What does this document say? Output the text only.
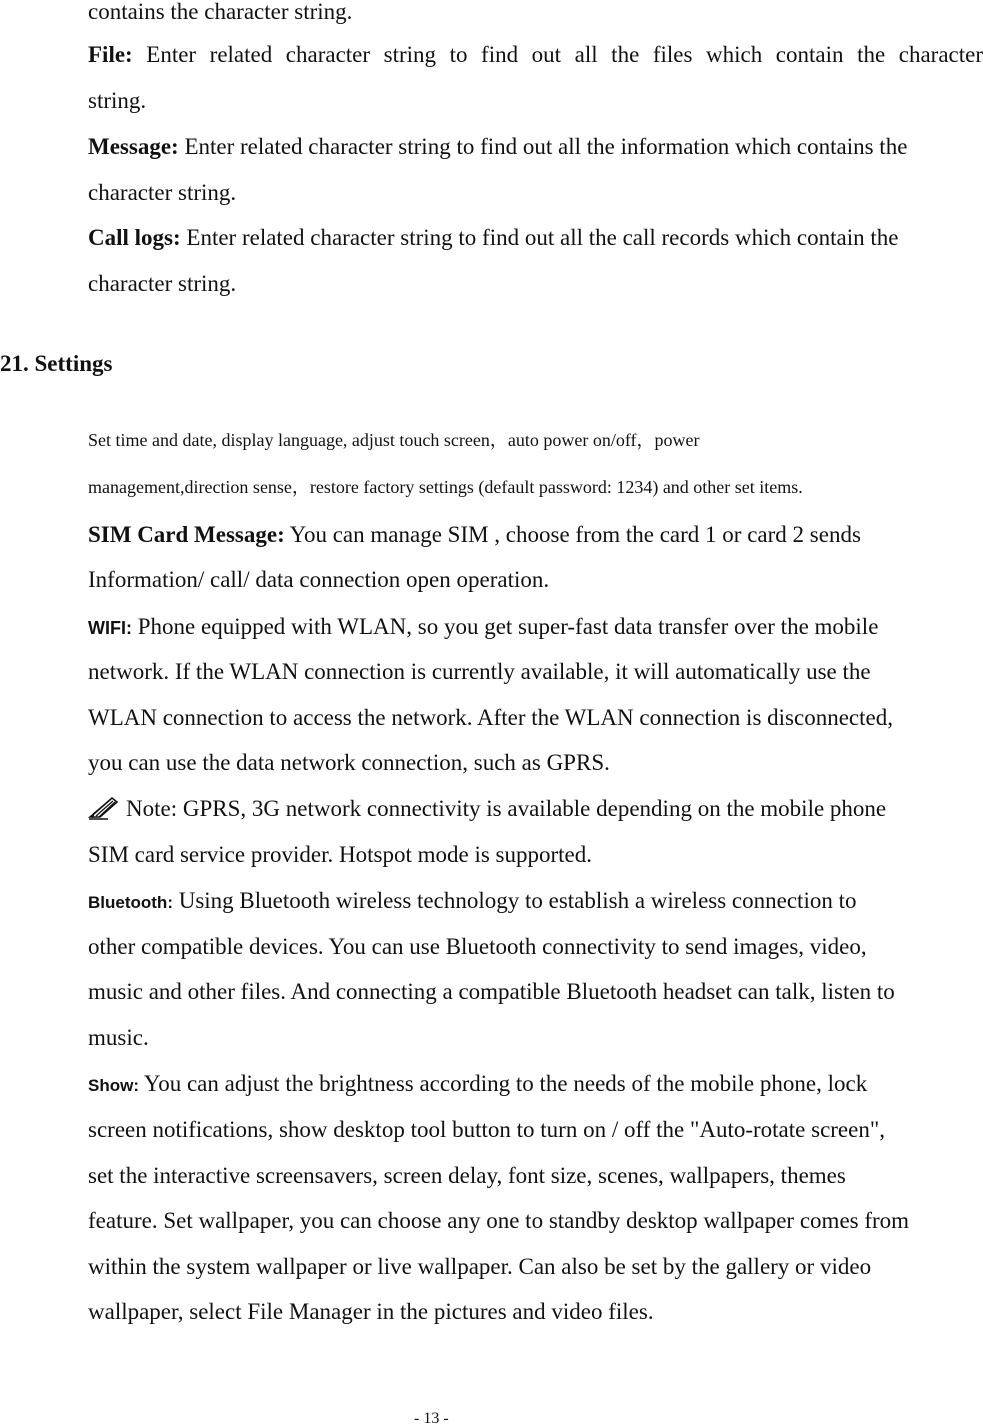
contains the character string.
File: Enter related character string to find out all the files which contain the character
string.
Message: Enter related character string to find out all the information which contains the
character string.
Call logs: Enter related character string to find out all the call records which contain the
character string.
21. Settings
Set time and date, display language, adjust touch screen，auto power on/off，power
management,direction sense，restore factory settings (default password: 1234) and other set items.
SIM Card Message: You can manage SIM , choose from the card 1 or card 2 sends
Information/ call/ data connection open operation.
WIFI: Phone equipped with WLAN, so you get super-fast data transfer over the mobile
network. If the WLAN connection is currently available, it will automatically use the
WLAN connection to access the network. After the WLAN connection is disconnected,
you can use the data network connection, such as GPRS.
Note: GPRS, 3G network connectivity is available depending on the mobile phone
SIM card service provider. Hotspot mode is supported.
Bluetooth: Using Bluetooth wireless technology to establish a wireless connection to
other compatible devices. You can use Bluetooth connectivity to send images, video,
music and other files. And connecting a compatible Bluetooth headset can talk, listen to
music.
Show: You can adjust the brightness according to the needs of the mobile phone, lock
screen notifications, show desktop tool button to turn on / off the "Auto-rotate screen",
set the interactive screensavers, screen delay, font size, scenes, wallpapers, themes
feature. Set wallpaper, you can choose any one to standby desktop wallpaper comes from
within the system wallpaper or live wallpaper. Can also be set by the gallery or video
wallpaper, select File Manager in the pictures and video files.
- 13 -
